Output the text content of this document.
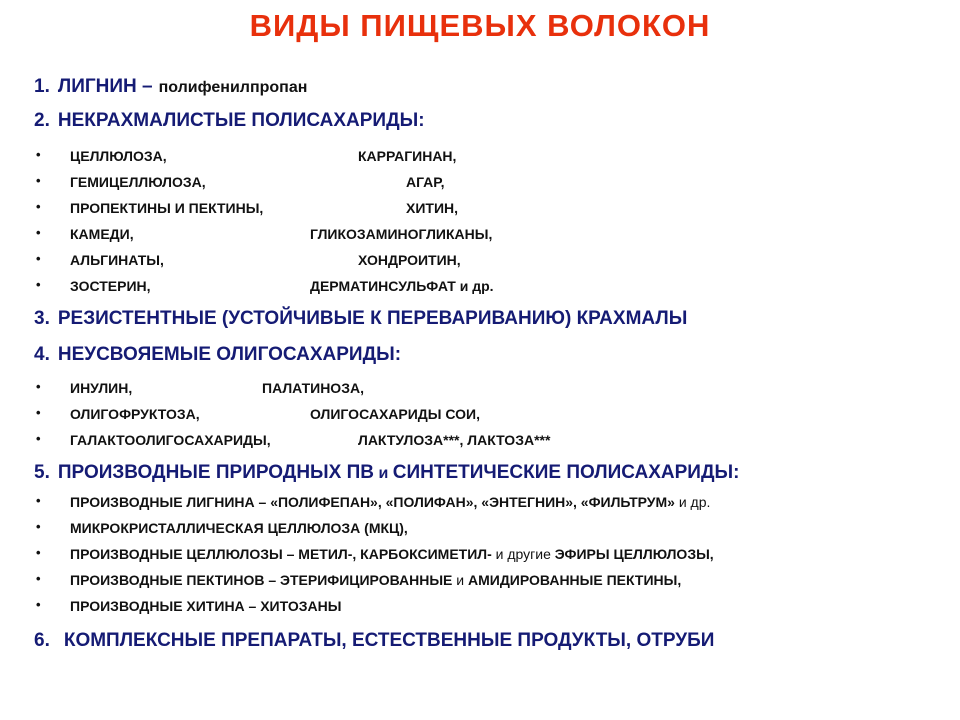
ВИДЫ ПИЩЕВЫХ ВОЛОКОН
1. ЛИГНИН – полифенилпропан
2. НЕКРАХМАЛИСТЫЕ ПОЛИСАХАРИДЫ:
• ЦЕЛЛЮЛОЗА,	КАРРАГИНАН,
• ГЕМИЦЕЛЛЮЛОЗА,	АГАР,
• ПРОПЕКТИНЫ И ПЕКТИНЫ,	ХИТИН,
• КАМЕДИ,	ГЛИКОЗАМИНОГЛИКАНЫ,
• АЛЬГИНАТЫ,	ХОНДРОИТИН,
• ЗОСТЕРИН,	ДЕРМАТИНСУЛЬФАТ и др.
3. РЕЗИСТЕНТНЫЕ (УСТОЙЧИВЫЕ К ПЕРЕВАРИВАНИЮ) КРАХМАЛЫ
4. НЕУСВОЯЕМЫЕ ОЛИГОСАХАРИДЫ:
• ИНУЛИН,	ПАЛАТИНОЗА,
• ОЛИГОФРУКТОЗА,	ОЛИГОСАХАРИДЫ СОИ,
• ГАЛАКТООЛИГОСАХАРИДЫ,	ЛАКТУЛОЗА***, ЛАКТОЗА***
5. ПРОИЗВОДНЫЕ ПРИРОДНЫХ ПВ и СИНТЕТИЧЕСКИЕ ПОЛИСАХАРИДЫ:
• ПРОИЗВОДНЫЕ ЛИГНИНА – «ПОЛИФЕПАН», «ПОЛИФАН», «ЭНТЕГНИН», «ФИЛЬТРУМ» и др.
• МИКРОКРИСТАЛЛИЧЕСКАЯ ЦЕЛЛЮЛОЗА (МКЦ),
• ПРОИЗВОДНЫЕ ЦЕЛЛЮЛОЗЫ – МЕТИЛ-, КАРБОКСИМЕТИЛ- и другие ЭФИРЫ ЦЕЛЛЮЛОЗЫ,
• ПРОИЗВОДНЫЕ ПЕКТИНОВ – ЭТЕРИФИЦИРОВАННЫЕ и АМИДИРОВАННЫЕ ПЕКТИНЫ,
• ПРОИЗВОДНЫЕ ХИТИНА – ХИТОЗАНЫ
6. КОМПЛЕКСНЫЕ ПРЕПАРАТЫ, ЕСТЕСТВЕННЫЕ ПРОДУКТЫ, ОТРУБИ
